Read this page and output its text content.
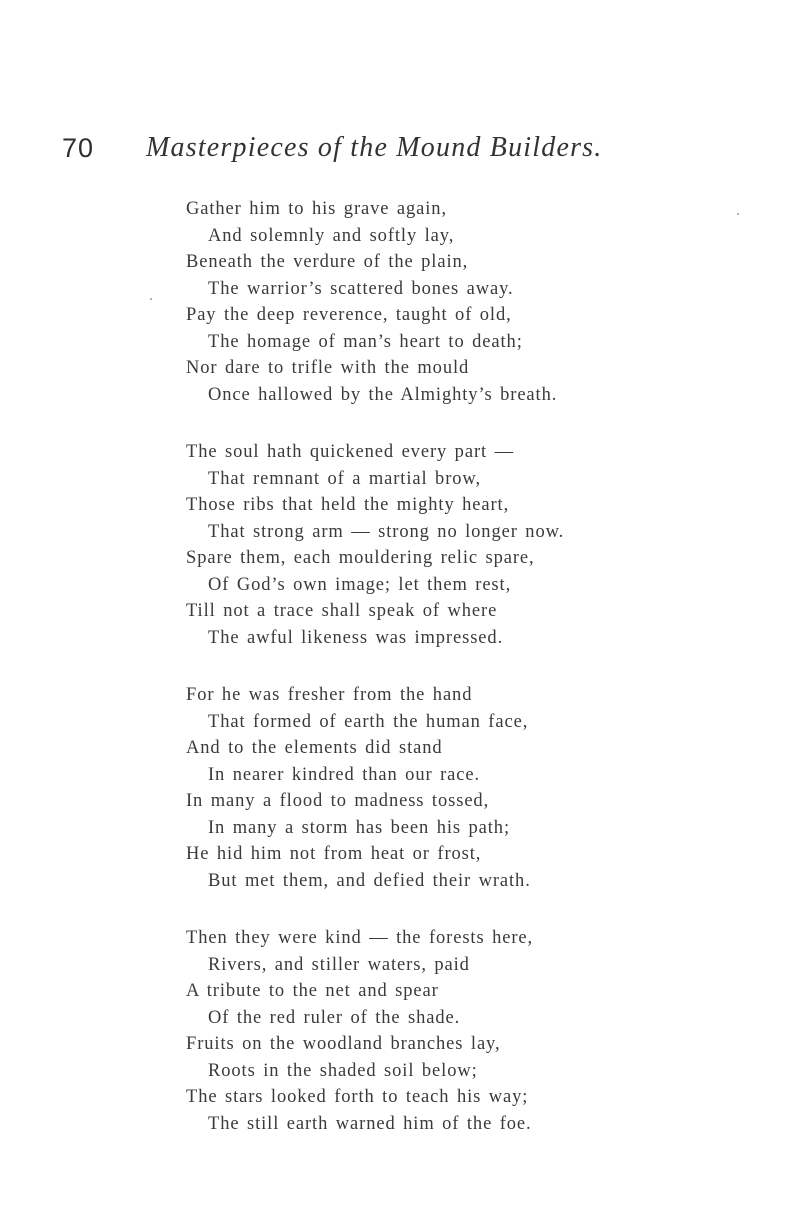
70 Masterpieces of the Mound Builders.
Gather him to his grave again,
And solemnly and softly lay,
Beneath the verdure of the plain,
The warrior’s scattered bones away.
Pay the deep reverence, taught of old,
The homage of man’s heart to death;
Nor dare to trifle with the mould
Once hallowed by the Almighty’s breath.
The soul hath quickened every part —
That remnant of a martial brow,
Those ribs that held the mighty heart,
That strong arm — strong no longer now.
Spare them, each mouldering relic spare,
Of God’s own image; let them rest,
Till not a trace shall speak of where
The awful likeness was impressed.
For he was fresher from the hand
That formed of earth the human face,
And to the elements did stand
In nearer kindred than our race.
In many a flood to madness tossed,
In many a storm has been his path;
He hid him not from heat or frost,
But met them, and defied their wrath.
Then they were kind — the forests here,
Rivers, and stiller waters, paid
A tribute to the net and spear
Of the red ruler of the shade.
Fruits on the woodland branches lay,
Roots in the shaded soil below;
The stars looked forth to teach his way;
The still earth warned him of the foe.
